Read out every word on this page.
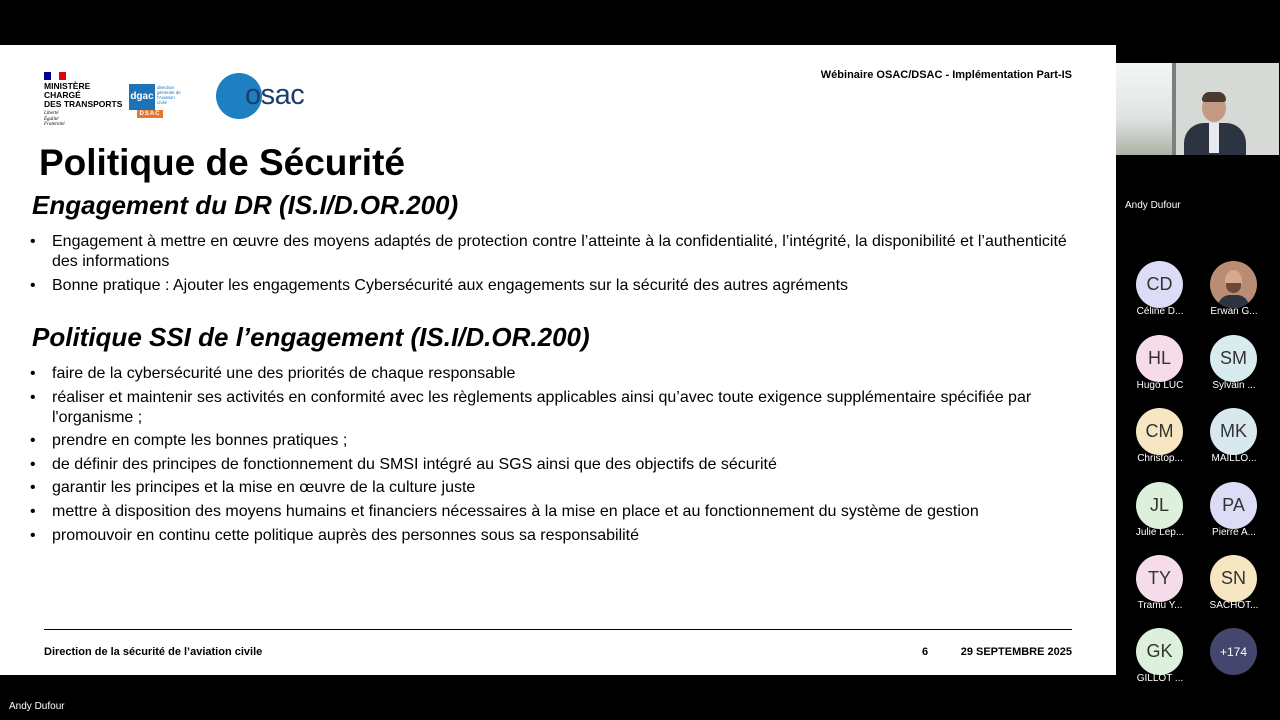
MINISTÈRE
CHARGÉ
DES TRANSPORTS
Liberté
Égalité
Fraternité
dgac
direction générale de l'Aviation civile
DSAC
osac
Wébinaire OSAC/DSAC - Implémentation Part-IS
Politique de Sécurité
Engagement du DR (IS.I/D.OR.200)
• Engagement à mettre en œuvre des moyens adaptés de protection contre l’atteinte à la confidentialité, l’intégrité, la disponibilité et l’authenticité des informations
• Bonne pratique : Ajouter les engagements Cybersécurité aux engagements sur la sécurité des autres agréments
Politique SSI de l’engagement (IS.I/D.OR.200)
• faire de la cybersécurité une des priorités de chaque responsable
• réaliser et maintenir ses activités en conformité avec les règlements applicables ainsi qu’avec toute exigence supplémentaire spécifiée par l'organisme ;
• prendre en compte les bonnes pratiques ;
• de définir des principes de fonctionnement du SMSI intégré au SGS ainsi que des objectifs de sécurité
• garantir les principes et la mise en œuvre de la culture juste
• mettre à disposition des moyens humains et financiers nécessaires à la mise en place et au fonctionnement du système de gestion
• promouvoir en continu cette politique auprès des personnes sous sa responsabilité
Direction de la sécurité de l’aviation civile	6	29 SEPTEMBRE 2025
Andy Dufour
Andy Dufour
CD
Céline D...	Erwan G...
HL
Hugo LUC
SM
Sylvain ...
CM
Christop...
MK
MAILLO...
JL
Julie Lep...
PA
Pierre A...
TY
Tramu Y...
SN
SACHOT...
GK
GILLOT ...
+174
